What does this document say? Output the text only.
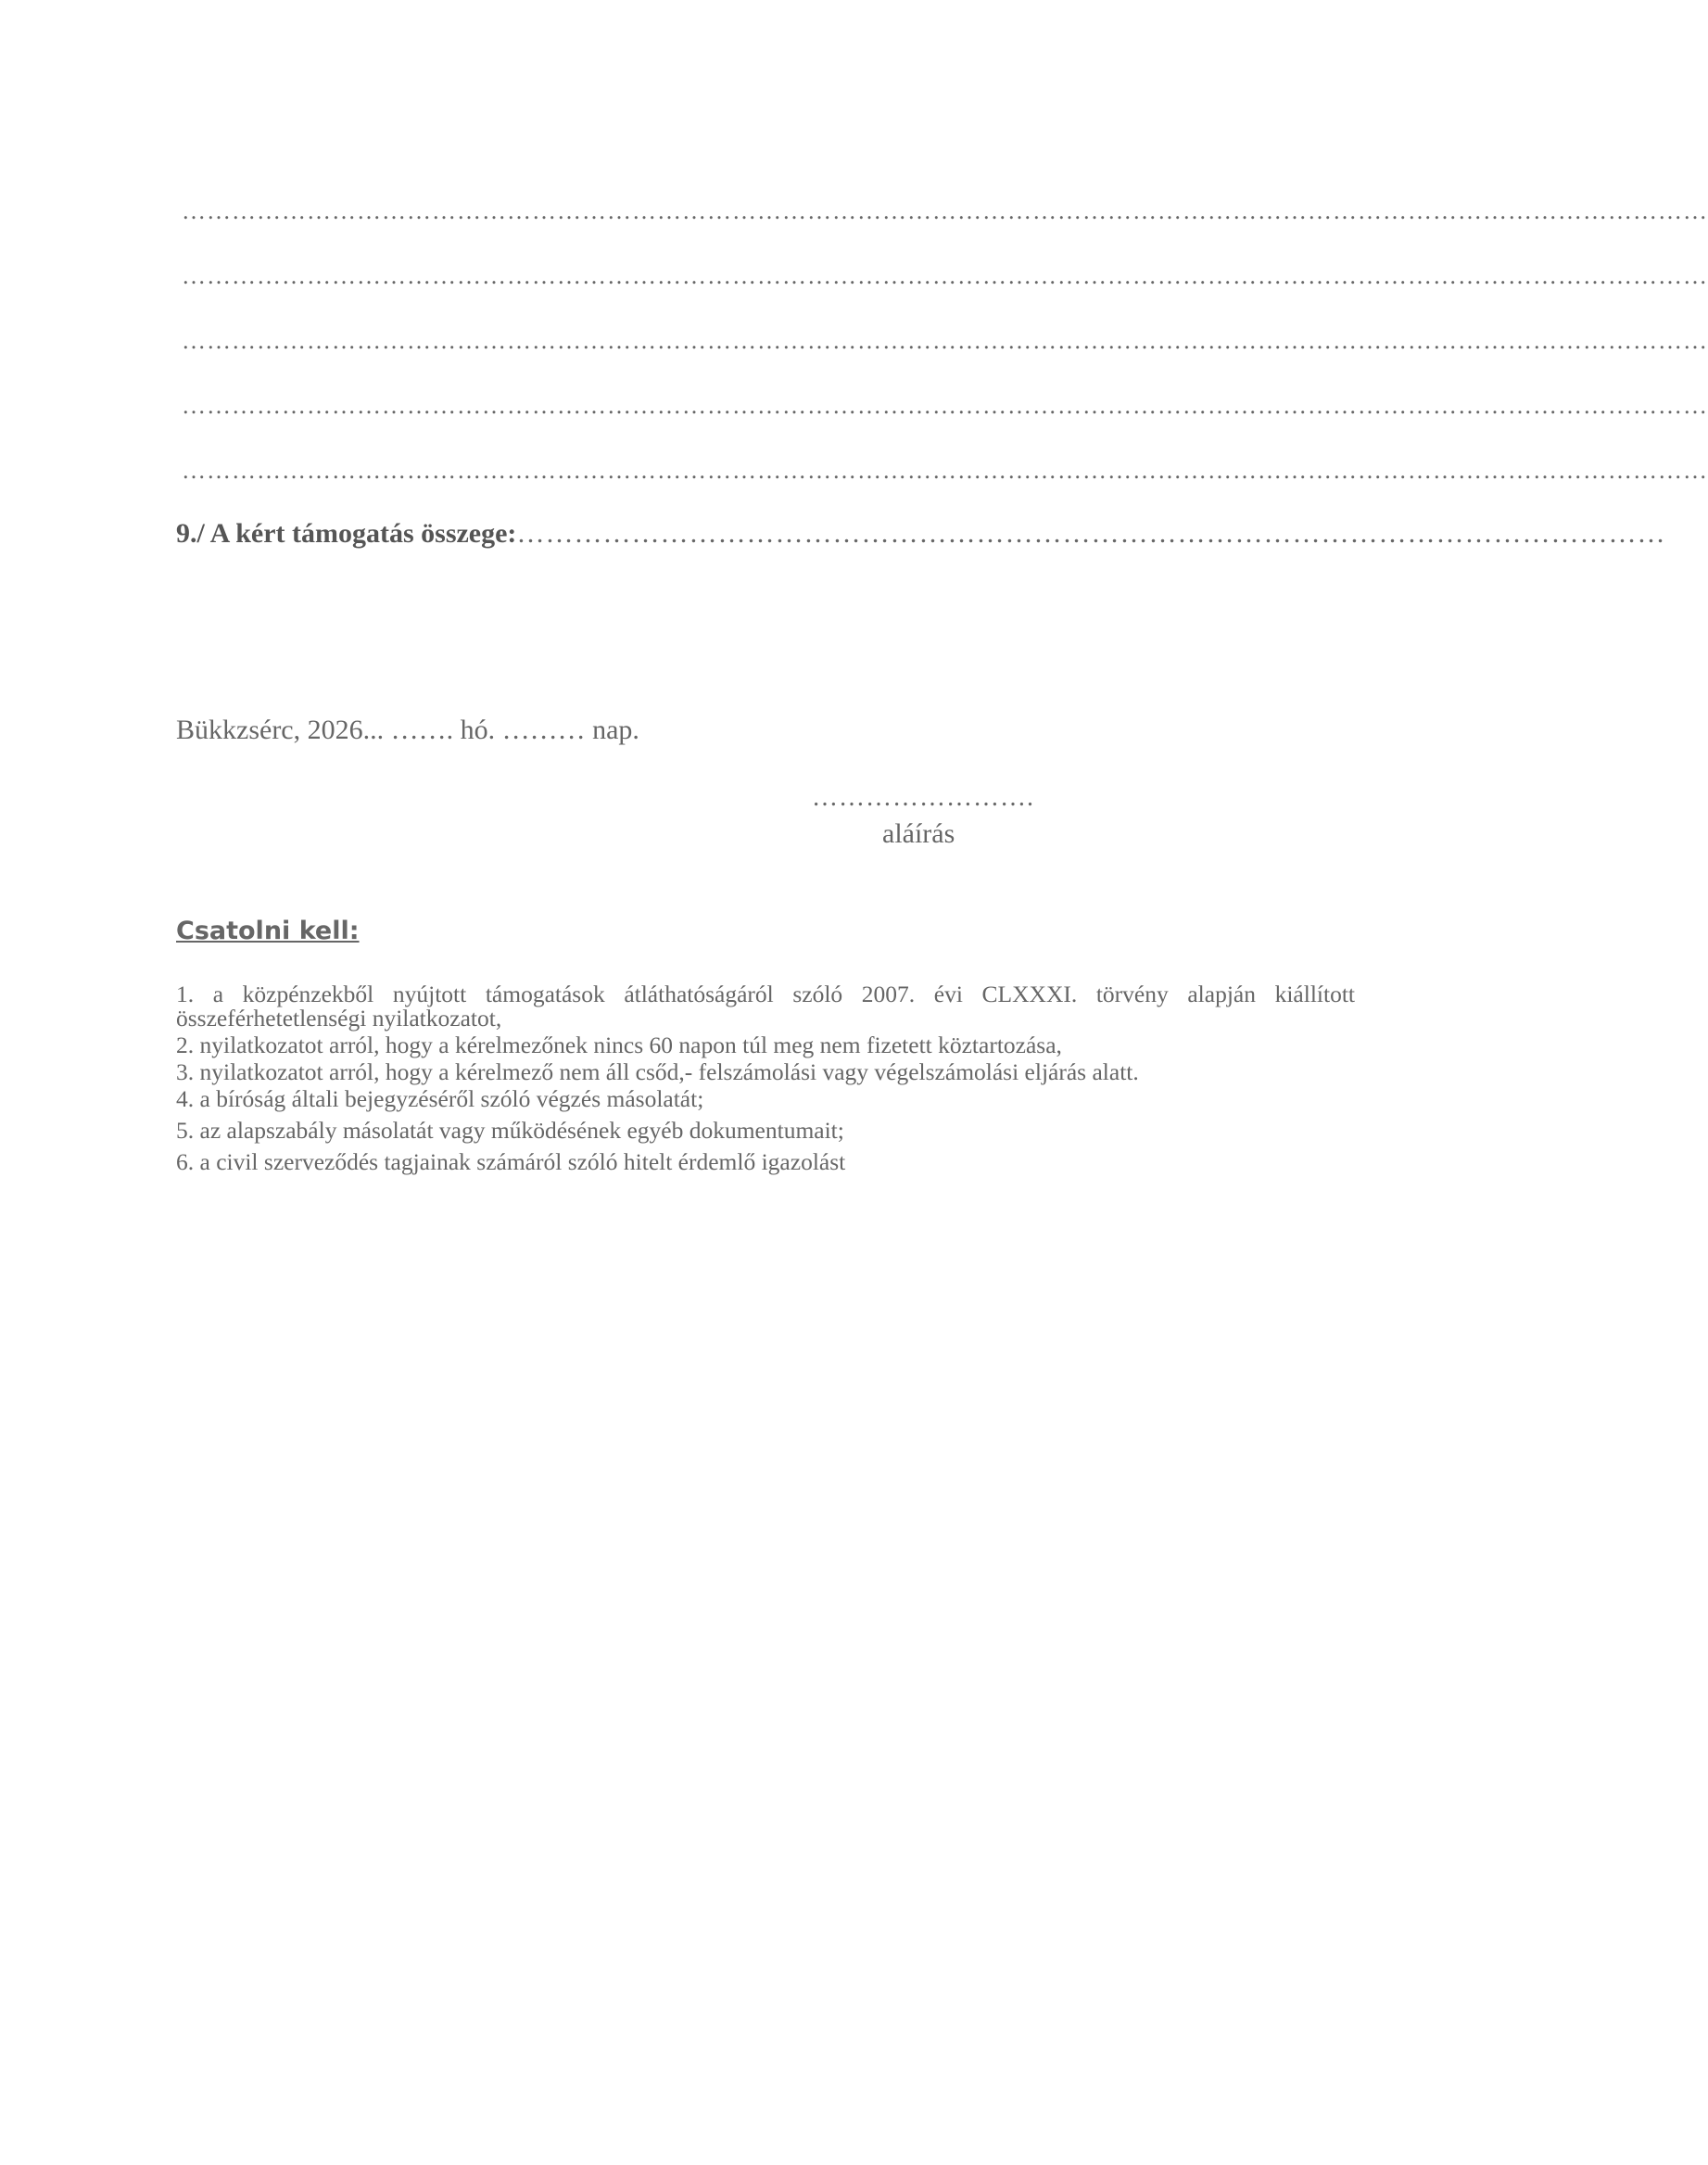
…………………………………………………………………………………………………………………………………………………………………
…………………………………………………………………………………………………………………………………………………………………
…………………………………………………………………………………………………………………………………………………………………
…………………………………………………………………………………………………………………………………………………………………
…………………………………………………………………………………………………………………………………………………………………
9./ A kért támogatás összege:…………………………………………………………………………………………………………
Bükkzsérc, 2026... ……. hó. ……… nap.
…………………….
aláírás
Csatolni kell:
1. a közpénzekből nyújtott támogatások átláthatóságáról szóló 2007. évi CLXXXI. törvény alapján kiállított összeférhetetlenségi nyilatkozatot,
2. nyilatkozatot arról, hogy a kérelmezőnek nincs 60 napon túl meg nem fizetett köztartozása,
3. nyilatkozatot arról, hogy a kérelmező nem áll csőd,- felszámolási vagy végelszámolási eljárás alatt.
4. a bíróság általi bejegyzéséről szóló végzés másolatát;
5. az alapszabály másolatát vagy működésének egyéb dokumentumait;
6. a civil szerveződés tagjainak számáról szóló hitelt érdemlő igazolást
